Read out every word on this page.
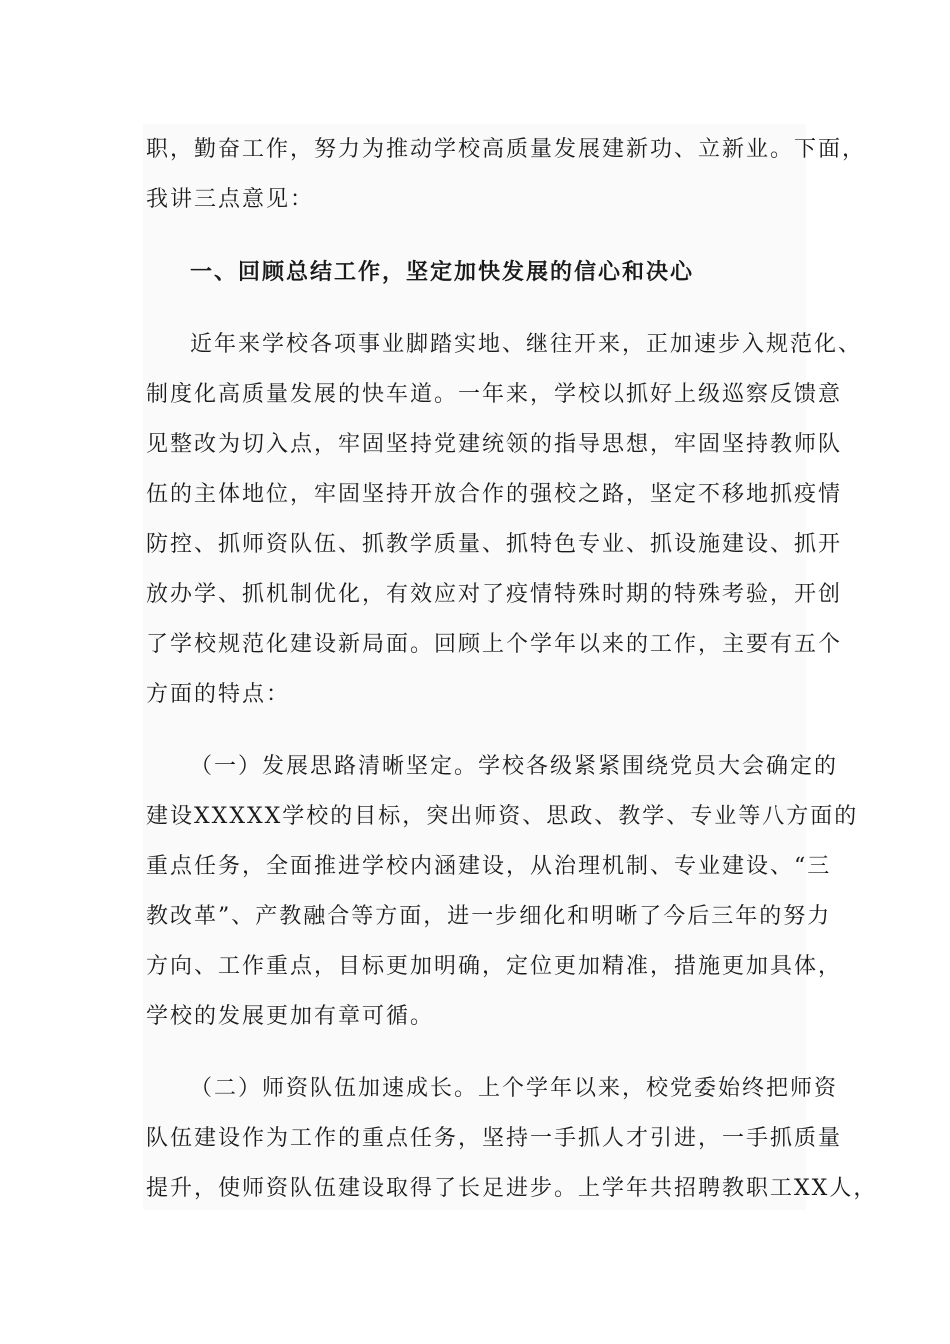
职，勤奋工作，努力为推动学校高质量发展建新功、立新业。下面，
我讲三点意见：
一、回顾总结工作，坚定加快发展的信心和决心
近年来学校各项事业脚踏实地、继往开来，正加速步入规范化、
制度化高质量发展的快车道。一年来，学校以抓好上级巡察反馈意
见整改为切入点，牢固坚持党建统领的指导思想，牢固坚持教师队
伍的主体地位，牢固坚持开放合作的强校之路，坚定不移地抓疫情
防控、抓师资队伍、抓教学质量、抓特色专业、抓设施建设、抓开
放办学、抓机制优化，有效应对了疫情特殊时期的特殊考验，开创
了学校规范化建设新局面。回顾上个学年以来的工作，主要有五个
方面的特点：
（一）发展思路清晰坚定。学校各级紧紧围绕党员大会确定的
建设XXXXX学校的目标，突出师资、思政、教学、专业等八方面的
重点任务，全面推进学校内涵建设，从治理机制、专业建设、“三
教改革”、产教融合等方面，进一步细化和明晰了今后三年的努力
方向、工作重点，目标更加明确，定位更加精准，措施更加具体，
学校的发展更加有章可循。
（二）师资队伍加速成长。上个学年以来，校党委始终把师资
队伍建设作为工作的重点任务，坚持一手抓人才引进，一手抓质量
提升，使师资队伍建设取得了长足进步。上学年共招聘教职工XX人，
